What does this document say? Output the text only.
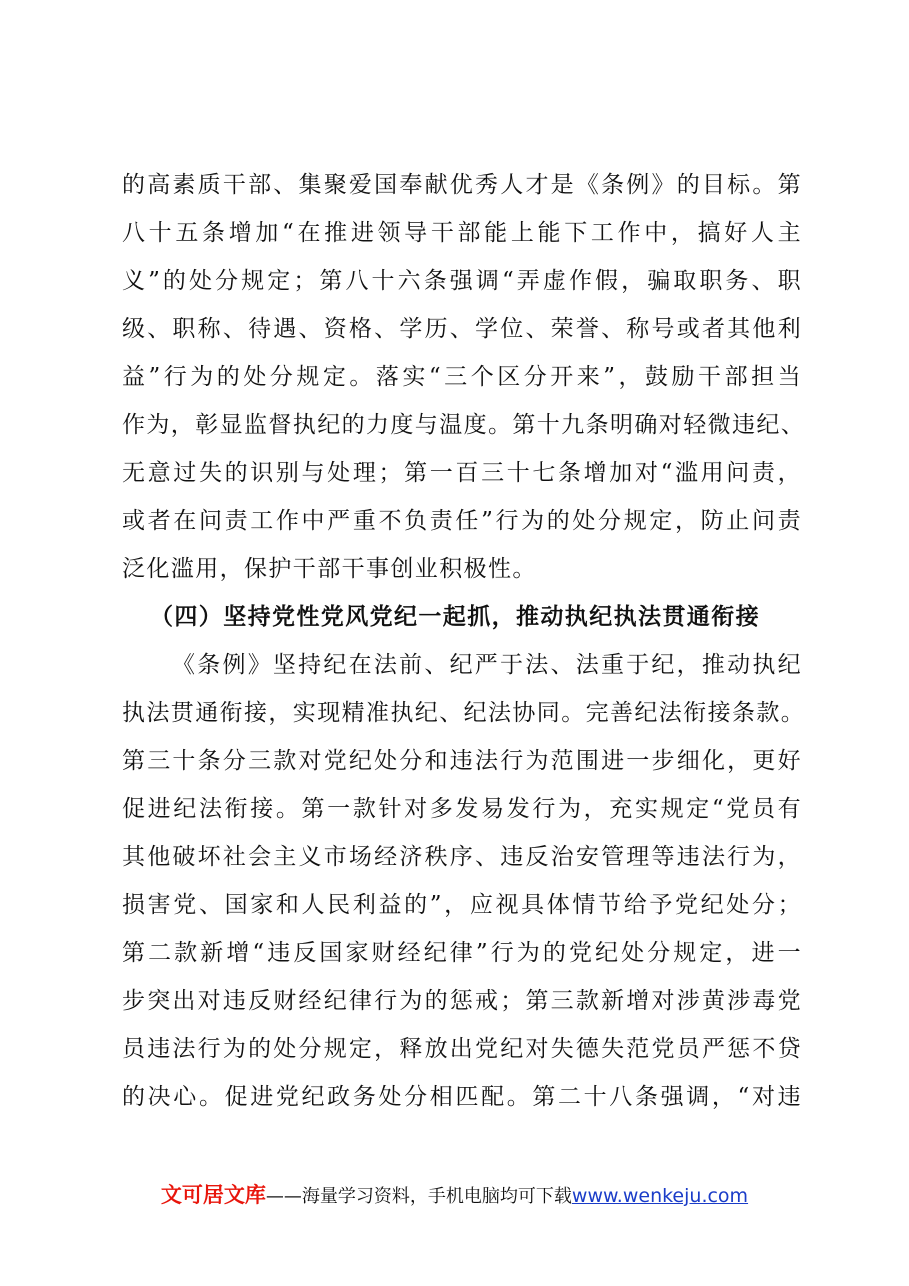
的高素质干部、集聚爱国奉献优秀人才是《条例》的目标。第
八十五条增加“在推进领导干部能上能下工作中，搞好人主
义”的处分规定；第八十六条强调“弄虚作假，骗取职务、职
级、职称、待遇、资格、学历、学位、荣誉、称号或者其他利
益”行为的处分规定。落实“三个区分开来”，鼓励干部担当
作为，彰显监督执纪的力度与温度。第十九条明确对轻微违纪、
无意过失的识别与处理；第一百三十七条增加对“滥用问责，
或者在问责工作中严重不负责任”行为的处分规定，防止问责
泛化滥用，保护干部干事创业积极性。
（四）坚持党性党风党纪一起抓，推动执纪执法贯通衔接
《条例》坚持纪在法前、纪严于法、法重于纪，推动执纪
执法贯通衔接，实现精准执纪、纪法协同。完善纪法衔接条款。
第三十条分三款对党纪处分和违法行为范围进一步细化，更好
促进纪法衔接。第一款针对多发易发行为，充实规定“党员有
其他破坏社会主义市场经济秩序、违反治安管理等违法行为，
损害党、国家和人民利益的”，应视具体情节给予党纪处分；
第二款新增“违反国家财经纪律”行为的党纪处分规定，进一
步突出对违反财经纪律行为的惩戒；第三款新增对涉黄涉毒党
员违法行为的处分规定，释放出党纪对失德失范党员严惩不贷
的决心。促进党纪政务处分相匹配。第二十八条强调，“对违
文可居文库——海量学习资料，手机电脑均可下载www.wenkeju.com
